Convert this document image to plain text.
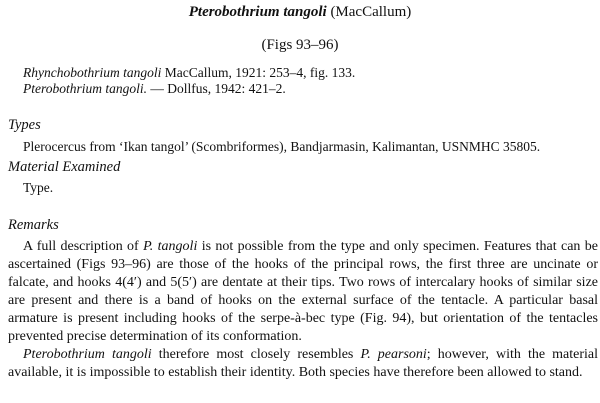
Pterobothrium tangoli (MacCallum)
(Figs 93–96)
Rhynchobothrium tangoli MacCallum, 1921: 253–4, fig. 133.
Pterobothrium tangoli. — Dollfus, 1942: 421–2.
Types
Plerocercus from ‘Ikan tangol’ (Scombriformes), Bandjarmasin, Kalimantan, USNMHC 35805.
Material Examined
Type.
Remarks

A full description of P. tangoli is not possible from the type and only specimen. Features that can be ascertained (Figs 93–96) are those of the hooks of the principal rows, the first three are uncinate or falcate, and hooks 4(4′) and 5(5′) are dentate at their tips. Two rows of intercalary hooks of similar size are present and there is a band of hooks on the external surface of the tentacle. A particular basal armature is present including hooks of the serpe-à-bec type (Fig. 94), but orientation of the tentacles prevented precise determination of its conformation.

Pterobothrium tangoli therefore most closely resembles P. pearsoni; however, with the material available, it is impossible to establish their identity. Both species have therefore been allowed to stand.
